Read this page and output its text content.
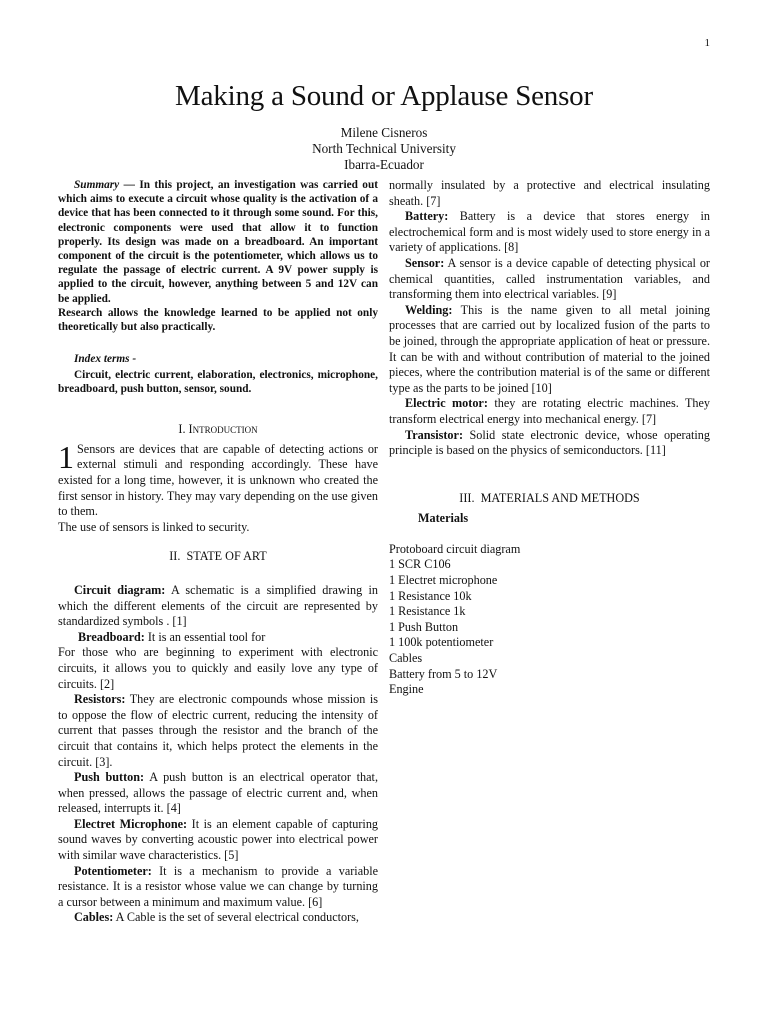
1
Making a Sound or Applause Sensor
Milene Cisneros
North Technical University
Ibarra-Ecuador

Summary — In this project, an investigation was carried out which aims to execute a circuit whose quality is the activation of a device that has been connected to it through some sound. For this, electronic components were used that allow it to function properly. Its design was made on a breadboard. An important component of the circuit is the potentiometer, which allows us to regulate the passage of electric current. A 9V power supply is applied to the circuit, however, anything between 5 and 12V can be applied.

Research allows the knowledge learned to be applied not only theoretically but also practically.

Index terms -

Circuit, electric current, elaboration, electronics, microphone, breadboard, push button, sensor, sound.

I. Introduction

1 Sensors are devices that are capable of detecting actions or external stimuli and responding accordingly. These have existed for a long time, however, it is unknown who created the first sensor in history. They may vary depending on the use given to them.

The use of sensors is linked to security.

II. STATE OF ART

Circuit diagram: A schematic is a simplified drawing in which the different elements of the circuit are represented by standardized symbols . [1]

Breadboard: It is an essential tool for

For those who are beginning to experiment with electronic circuits, it allows you to quickly and easily love any type of circuits. [2]

Resistors: They are electronic compounds whose mission is to oppose the flow of electric current, reducing the intensity of current that passes through the resistor and the branch of the circuit that contains it, which helps protect the elements in the circuit. [3].

Push button: A push button is an electrical operator that, when pressed, allows the passage of electric current and, when released, interrupts it. [4]

Electret Microphone: It is an element capable of capturing sound waves by converting acoustic power into electrical power with similar wave characteristics. [5]

Potentiometer: It is a mechanism to provide a variable resistance. It is a resistor whose value we can change by turning a cursor between a minimum and maximum value. [6]

Cables: A Cable is the set of several electrical conductors,

normally insulated by a protective and electrical insulating sheath. [7]

Battery: Battery is a device that stores energy in electrochemical form and is most widely used to store energy in a variety of applications. [8]

Sensor: A sensor is a device capable of detecting physical or chemical quantities, called instrumentation variables, and transforming them into electrical variables. [9]

Welding: This is the name given to all metal joining processes that are carried out by localized fusion of the parts to be joined, through the appropriate application of heat or pressure. It can be with and without contribution of material to the joined pieces, where the contribution material is of the same or different type as the parts to be joined [10]

Electric motor: they are rotating electric machines. They transform electrical energy into mechanical energy. [7]

Transistor: Solid state electronic device, whose operating principle is based on the physics of semiconductors. [11]

III. MATERIALS AND METHODS

Materials

Protoboard circuit diagram
1 SCR C106
1 Electret microphone
1 Resistance 10k
1 Resistance 1k
1 Push Button
1 100k potentiometer
Cables
Battery from 5 to 12V
Engine
